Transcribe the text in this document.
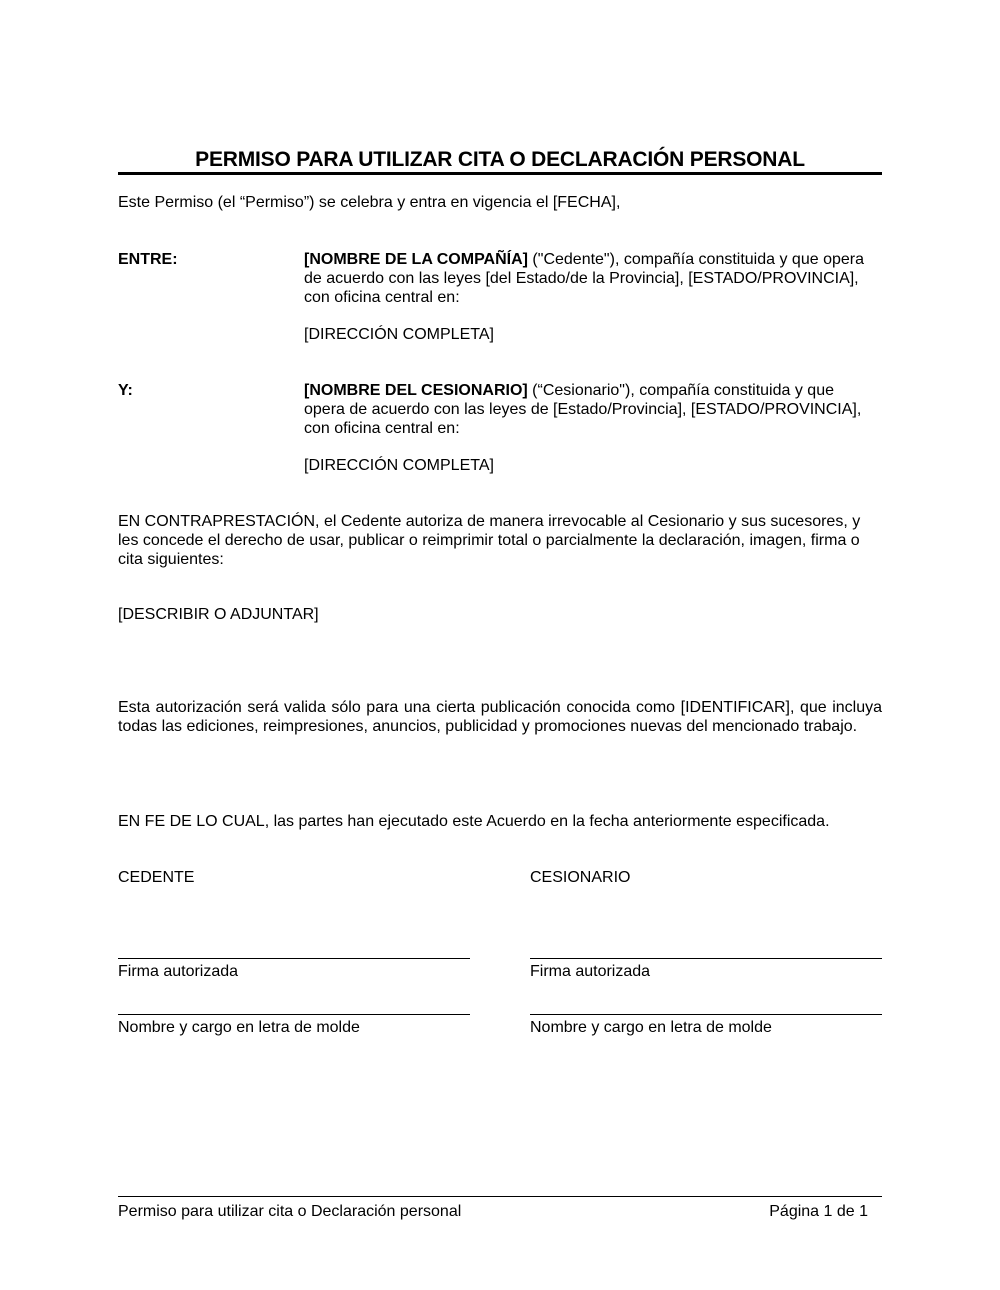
PERMISO PARA UTILIZAR CITA O DECLARACIÓN PERSONAL
Este Permiso (el “Permiso”) se celebra y entra en vigencia el [FECHA],
ENTRE:	[NOMBRE DE LA COMPAÑÍA] ("Cedente"), compañía constituida y que opera
de acuerdo con las leyes [del Estado/de la Provincia], [ESTADO/PROVINCIA],
con oficina central en:
[DIRECCIÓN COMPLETA]
Y:	[NOMBRE DEL CESIONARIO] (“Cesionario"), compañía constituida y que
opera de acuerdo con las leyes de [Estado/Provincia], [ESTADO/PROVINCIA],
con oficina central en:
[DIRECCIÓN COMPLETA]
EN CONTRAPRESTACIÓN, el Cedente autoriza de manera irrevocable al Cesionario y sus sucesores, y
les concede el derecho de usar, publicar o reimprimir total o parcialmente la declaración, imagen, firma o
cita siguientes:
[DESCRIBIR O ADJUNTAR]
Esta autorización será valida sólo para una cierta publicación conocida como [IDENTIFICAR], que incluya todas las ediciones, reimpresiones, anuncios, publicidad y promociones nuevas del mencionado trabajo.
EN FE DE LO CUAL, las partes han ejecutado este Acuerdo en la fecha anteriormente especificada.
CEDENTE	CESIONARIO
Firma autorizada	Firma autorizada
Nombre y cargo en letra de molde	Nombre y cargo en letra de molde
Permiso para utilizar cita o Declaración personal	Página 1 de 1
